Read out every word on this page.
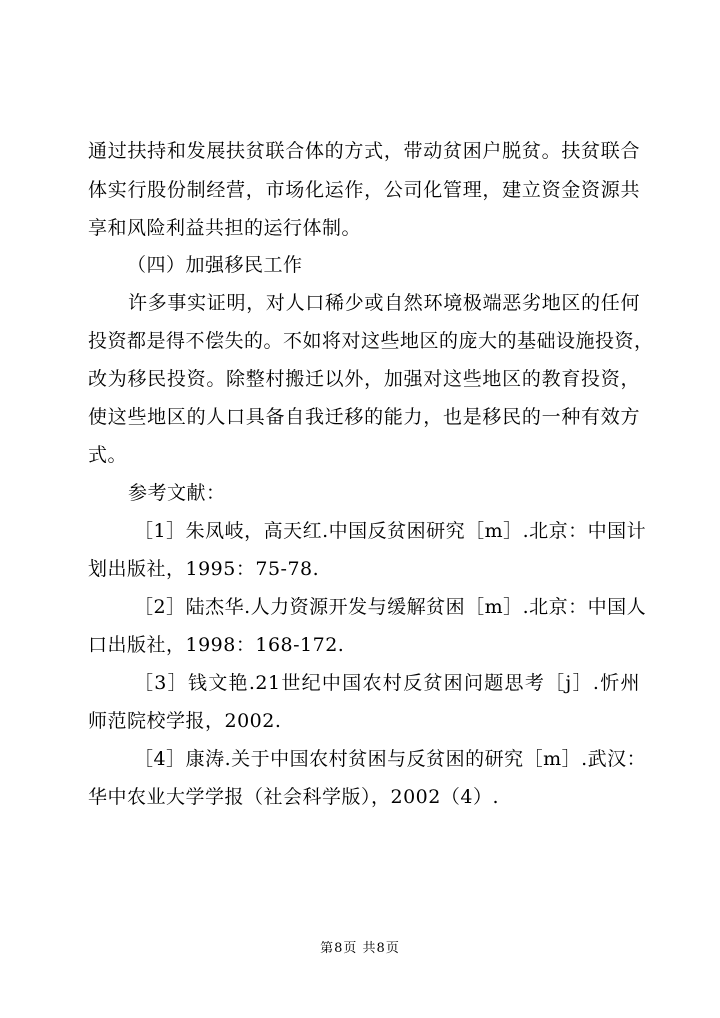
通过扶持和发展扶贫联合体的方式，带动贫困户脱贫。扶贫联合
体实行股份制经营，市场化运作，公司化管理，建立资金资源共
享和风险利益共担的运行体制。
（四）加强移民工作
许多事实证明，对人口稀少或自然环境极端恶劣地区的任何
投资都是得不偿失的。不如将对这些地区的庞大的基础设施投资，
改为移民投资。除整村搬迁以外，加强对这些地区的教育投资，
使这些地区的人口具备自我迁移的能力，也是移民的一种有效方
式。
参考文献：
［1］朱凤岐，高天红.中国反贫困研究［m］.北京：中国计
划出版社，1995：75-78.
［2］陆杰华.人力资源开发与缓解贫困［m］.北京：中国人
口出版社，1998：168-172.
［3］钱文艳.21世纪中国农村反贫困问题思考［j］.忻州
师范院校学报，2002.
［4］康涛.关于中国农村贫困与反贫困的研究［m］.武汉：
华中农业大学学报（社会科学版），2002（4）.
第8页 共8页
